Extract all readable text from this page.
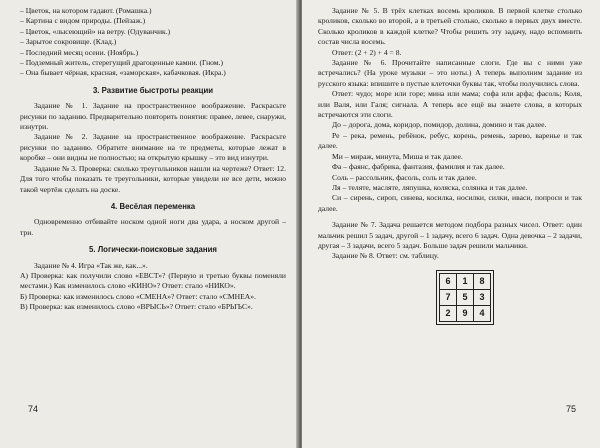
– Цветок, на котором гадают. (Ромашка.)

– Картина с видом природы. (Пейзаж.)

– Цветок, «лысеющий» на ветру. (Одуванчик.)

– Зарытое сокровище. (Клад.)

– Последний месяц осени. (Ноябрь.)

– Подземный житель, стерегущий драгоценные камни. (Гном.)

– Она бывает чёрная, красная, «заморская», кабачковая. (Икра.)

3. Развитие быстроты реакции

Задание № 1. Задание на пространственное воображение. Раскрасьте рисунки по заданию. Предварительно повторить понятия: правее, левее, снаружи, изнутри.

Задание № 2. Задание на пространственное воображение. Раскрасьте рисунки по заданию. Обратите внимание на те предметы, которые лежат в коробке – они видны не полностью; на открытую крышку – это вид изнутри.

Задание № 3. Проверка: сколько треугольников нашли на чертеже? Ответ: 12. Для того чтобы показать те треугольники, которые увидели не все дети, можно такой чертёж сделать на доске.

4. Весёлая переменка

Одновременно отбивайте носком одной ноги два удара, а носком другой – три.

5. Логически-поисковые задания

Задание № 4. Игра «Так же, как...».

А) Проверка: как получили слово «ЕВСТ»? (Первую и третью буквы поменяли местами.) Как изменилось слово «КИНО»? Ответ: стало «НИКО».

Б) Проверка: как изменилось слово «СМЕНА»? Ответ: стало «СМНЕА».

В) Проверка: как изменилось слово «ВРЫСЬ»? Ответ: стало «БРЫЪС».

74

Задание № 5. В трёх клетках восемь кроликов. В первой клетке столько кроликов, сколько во второй, а в третьей столько, сколько в первых двух вместе. Сколько кроликов в каждой клетке? Чтобы решить эту задачу, надо вспомнить состав числа восемь.

Ответ: (2 + 2) + 4 = 8.

Задание № 6. Прочитайте написанные слоги. Где вы с ними уже встречались? (На уроке музыки – это ноты.) А теперь выполним задание из русского языка: впишите в пустые клеточки буквы так, чтобы получились слова.

Ответ: чудо; море или горе; мина или мама; софа или арфа; фасоль; Коля, или Валя, или Галя; сигнала. А теперь все ещё вы знаете слова, в которых встречаются эти слоги.

До – дорога, дома, коридор, помидор, долина, домино и так далее.

Ре – река, ремень, ребёнок, ребус, корень, ремень, зарево, варенье и так далее.

Ми – мираж, минута, Миша и так далее.

Фа – фаянс, фабрика, фантазия, фамилия и так далее.

Соль – рассольник, фасоль, соль и так далее.

Ля – теляте, масляте, ляпушка, коляска, солянка и так далее.

Си – сирень, сироп, синева, косилка, носилки, силки, иваси, попроси и так далее.

Задание № 7. Задача решается методом подбора разных чисел. Ответ: один мальчик решил 5 задач, другой – 1 задачу, всего 6 задач. Одна девочка – 2 задачи, другая – 3 задачи, всего 5 задач. Больше задач решили мальчики.

Задание № 8. Ответ: см. таблицу.

6	1	8
7	5	3
2	9	4
75
